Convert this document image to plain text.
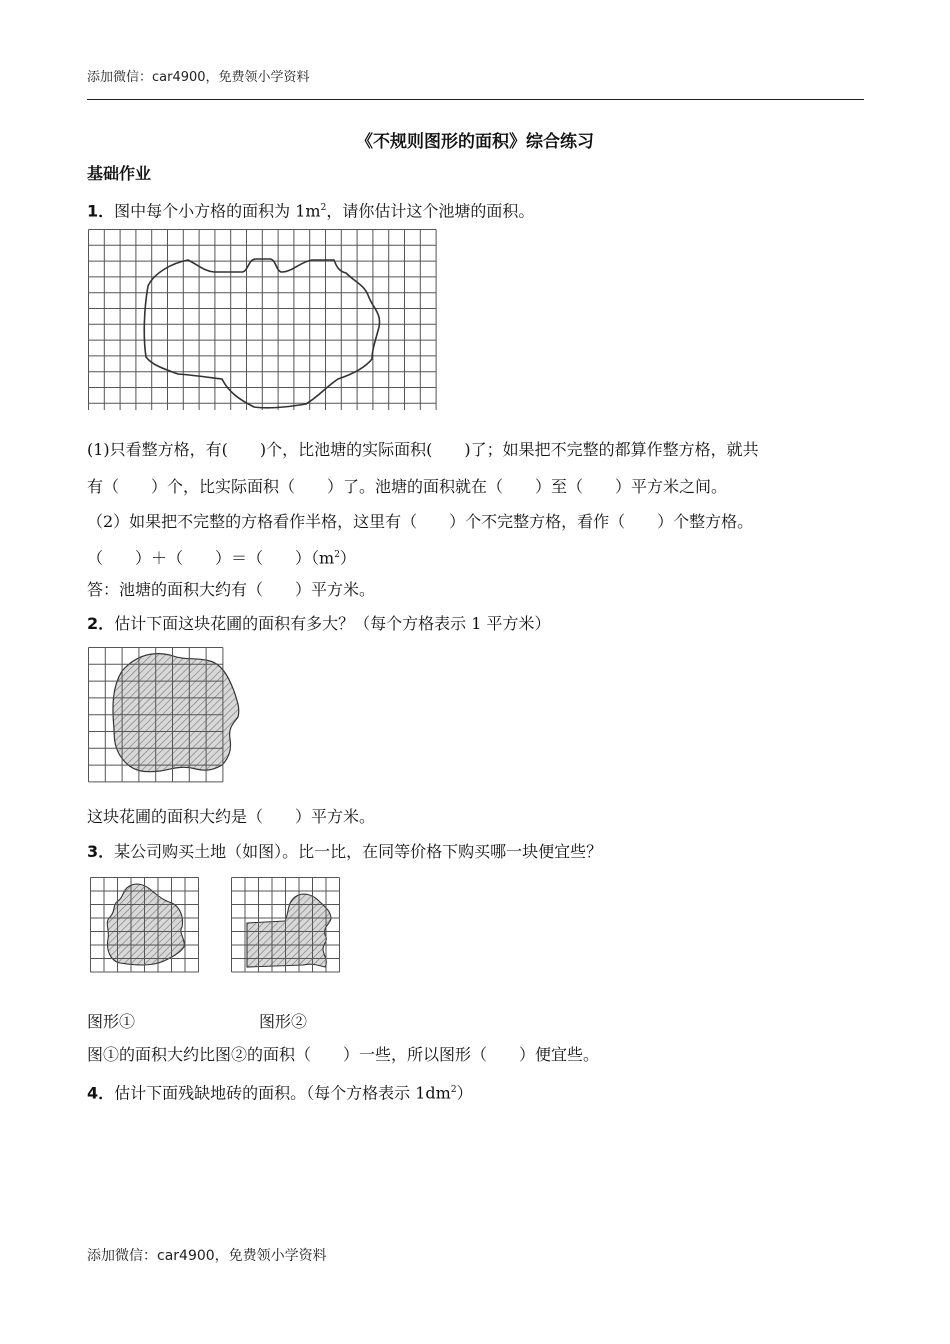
添加微信：car4900，免费领小学资料
《不规则图形的面积》综合练习
基础作业
1．图中每个小方格的面积为 $1m^2$，请你估计这个池塘的面积。
(1)只看整方格，有(　　)个，比池塘的实际面积(　　)了；如果把不完整的都算作整方格，就共
有（　　）个，比实际面积（　　）了。池塘的面积就在（　　）至（　　）平方米之间。
（2）如果把不完整的方格看作半格，这里有（　　）个不完整方格，看作（　　）个整方格。
（　　）＋（　　）＝（　　）$(m^2)$
答：池塘的面积大约有（　　）平方米。
2．估计下面这块花圃的面积有多大？（每个方格表示 1 平方米）
这块花圃的面积大约是（　　）平方米。
3．某公司购买土地（如图）。比一比，在同等价格下购买哪一块便宜些？
图形①	图形②
图①的面积大约比图②的面积（　　）一些，所以图形（　　）便宜些。
4．估计下面残缺地砖的面积。（每个方格表示 $1dm^2$）
添加微信：car4900，免费领小学资料
